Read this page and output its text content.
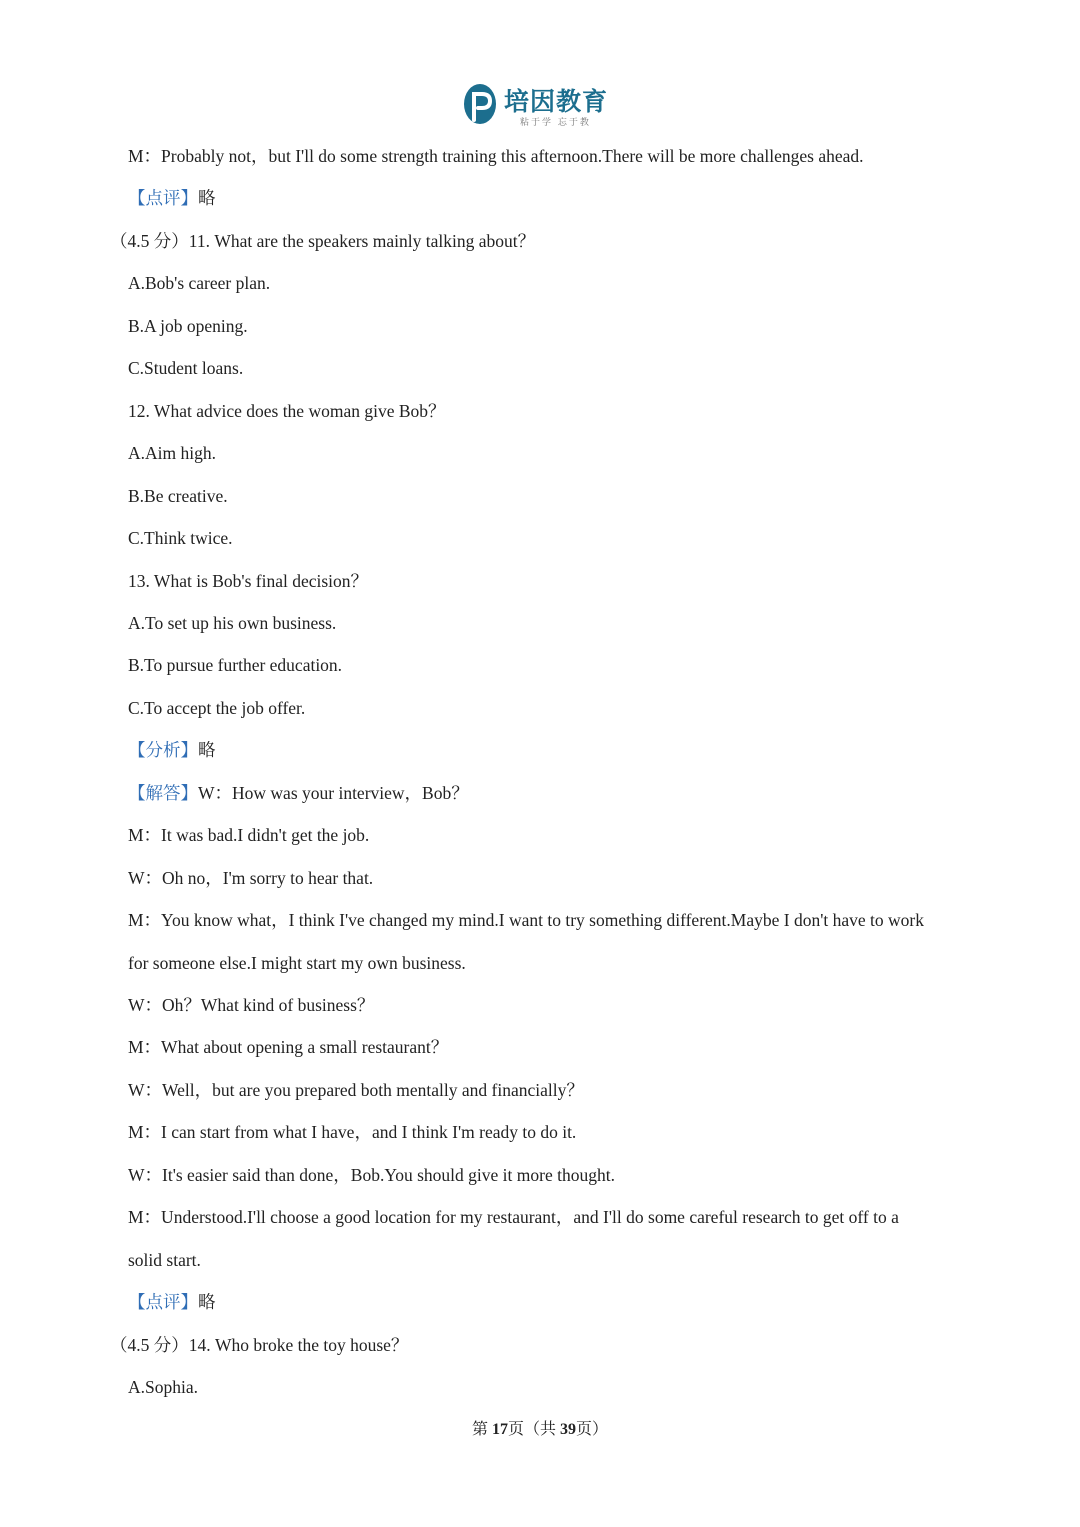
培因教育
粘于学 忘于教
M：Probably not，but I'll do some strength training this afternoon.There will be more challenges ahead.
【点评】略
（4.5 分）11. What are the speakers mainly talking about？
A.Bob's career plan.
B.A job opening.
C.Student loans.
12. What advice does the woman give Bob？
A.Aim high.
B.Be creative.
C.Think twice.
13. What is Bob's final decision？
A.To set up his own business.
B.To pursue further education.
C.To accept the job offer.
【分析】略
【解答】W：How was your interview，Bob？
M：It was bad.I didn't get the job.
W：Oh no，I'm sorry to hear that.
M：You know what，I think I've changed my mind.I want to try something different.Maybe I don't have to work
for someone else.I might start my own business.
W：Oh？What kind of business？
M：What about opening a small restaurant？
W：Well，but are you prepared both mentally and financially？
M：I can start from what I have，and I think I'm ready to do it.
W：It's easier said than done，Bob.You should give it more thought.
M：Understood.I'll choose a good location for my restaurant，and I'll do some careful research to get off to a
solid start.
【点评】略
（4.5 分）14. Who broke the toy house？
A.Sophia.
第 17页（共 39页）
